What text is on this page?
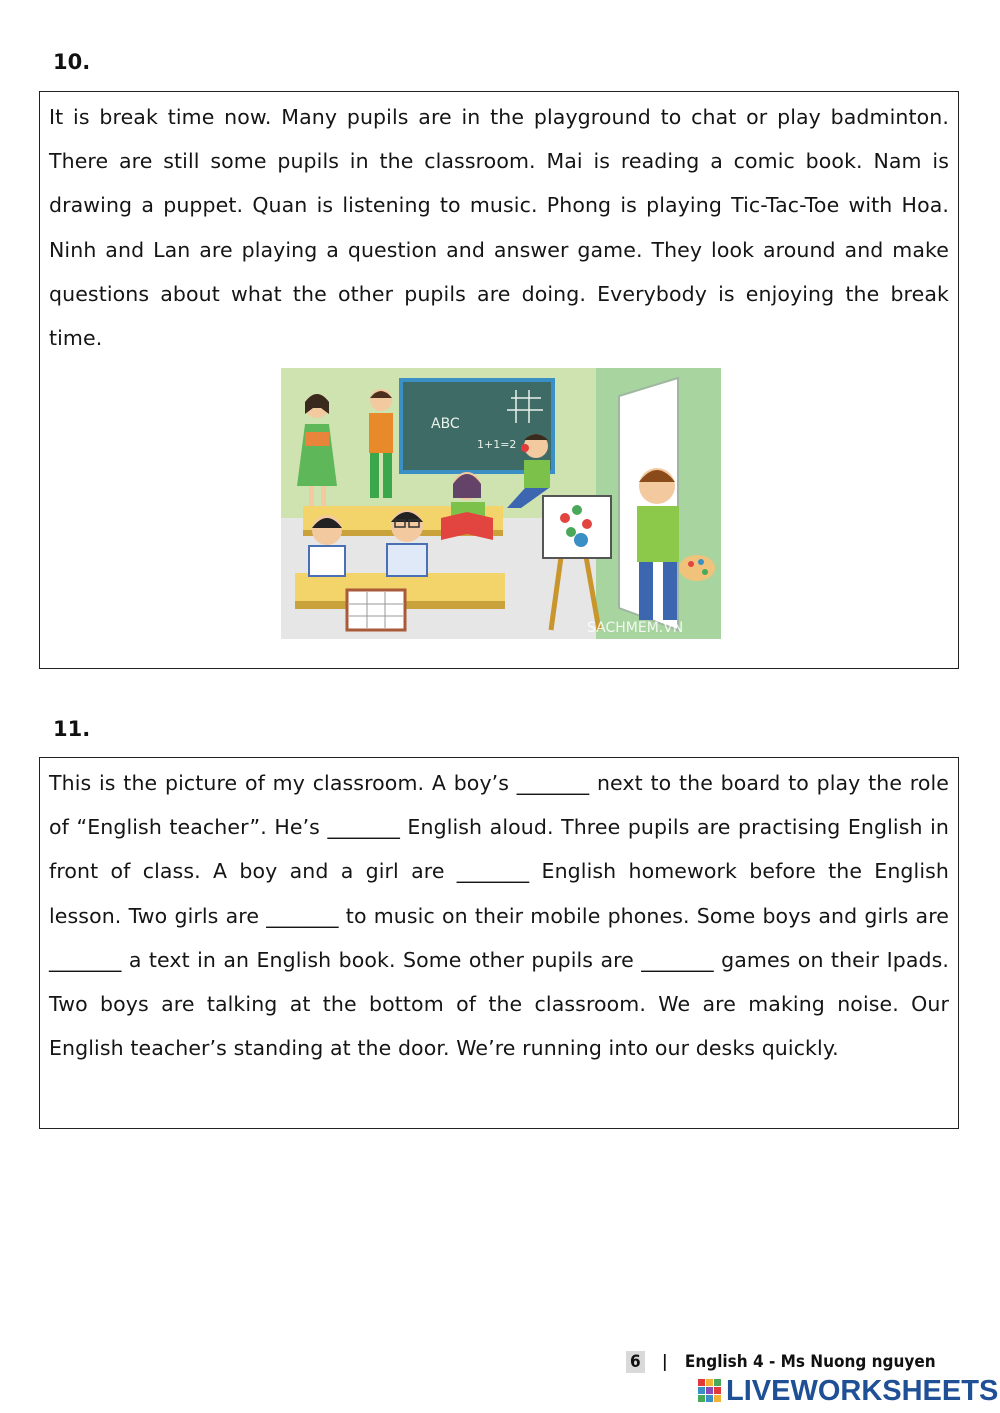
10.
It is break time now. Many pupils are in the playground to chat or play badminton. There are still some pupils in the classroom. Mai is reading a comic book. Nam is drawing a puppet. Quan is listening to music. Phong is playing Tic-Tac-Toe with Hoa. Ninh and Lan are playing a question and answer game. They look around and make questions about what the other pupils are doing. Everybody is enjoying the break time.
ABC
1+1=2
SACHMEM.VN
11.
This is the picture of my classroom. A boy’s _______ next to the board to play the role of “English teacher”. He’s _______ English aloud. Three pupils are practising English in front of class. A boy and a girl are _______ English homework before the English lesson. Two girls are _______ to music on their mobile phones. Some boys and girls are _______ a text in an English book. Some other pupils are _______ games on their Ipads. Two boys are talking at the bottom of the classroom. We are making noise. Our English teacher’s standing at the door. We’re running into our desks quickly.
6 | English 4 - Ms Nuong nguyen
LIVEWORKSHEETS
